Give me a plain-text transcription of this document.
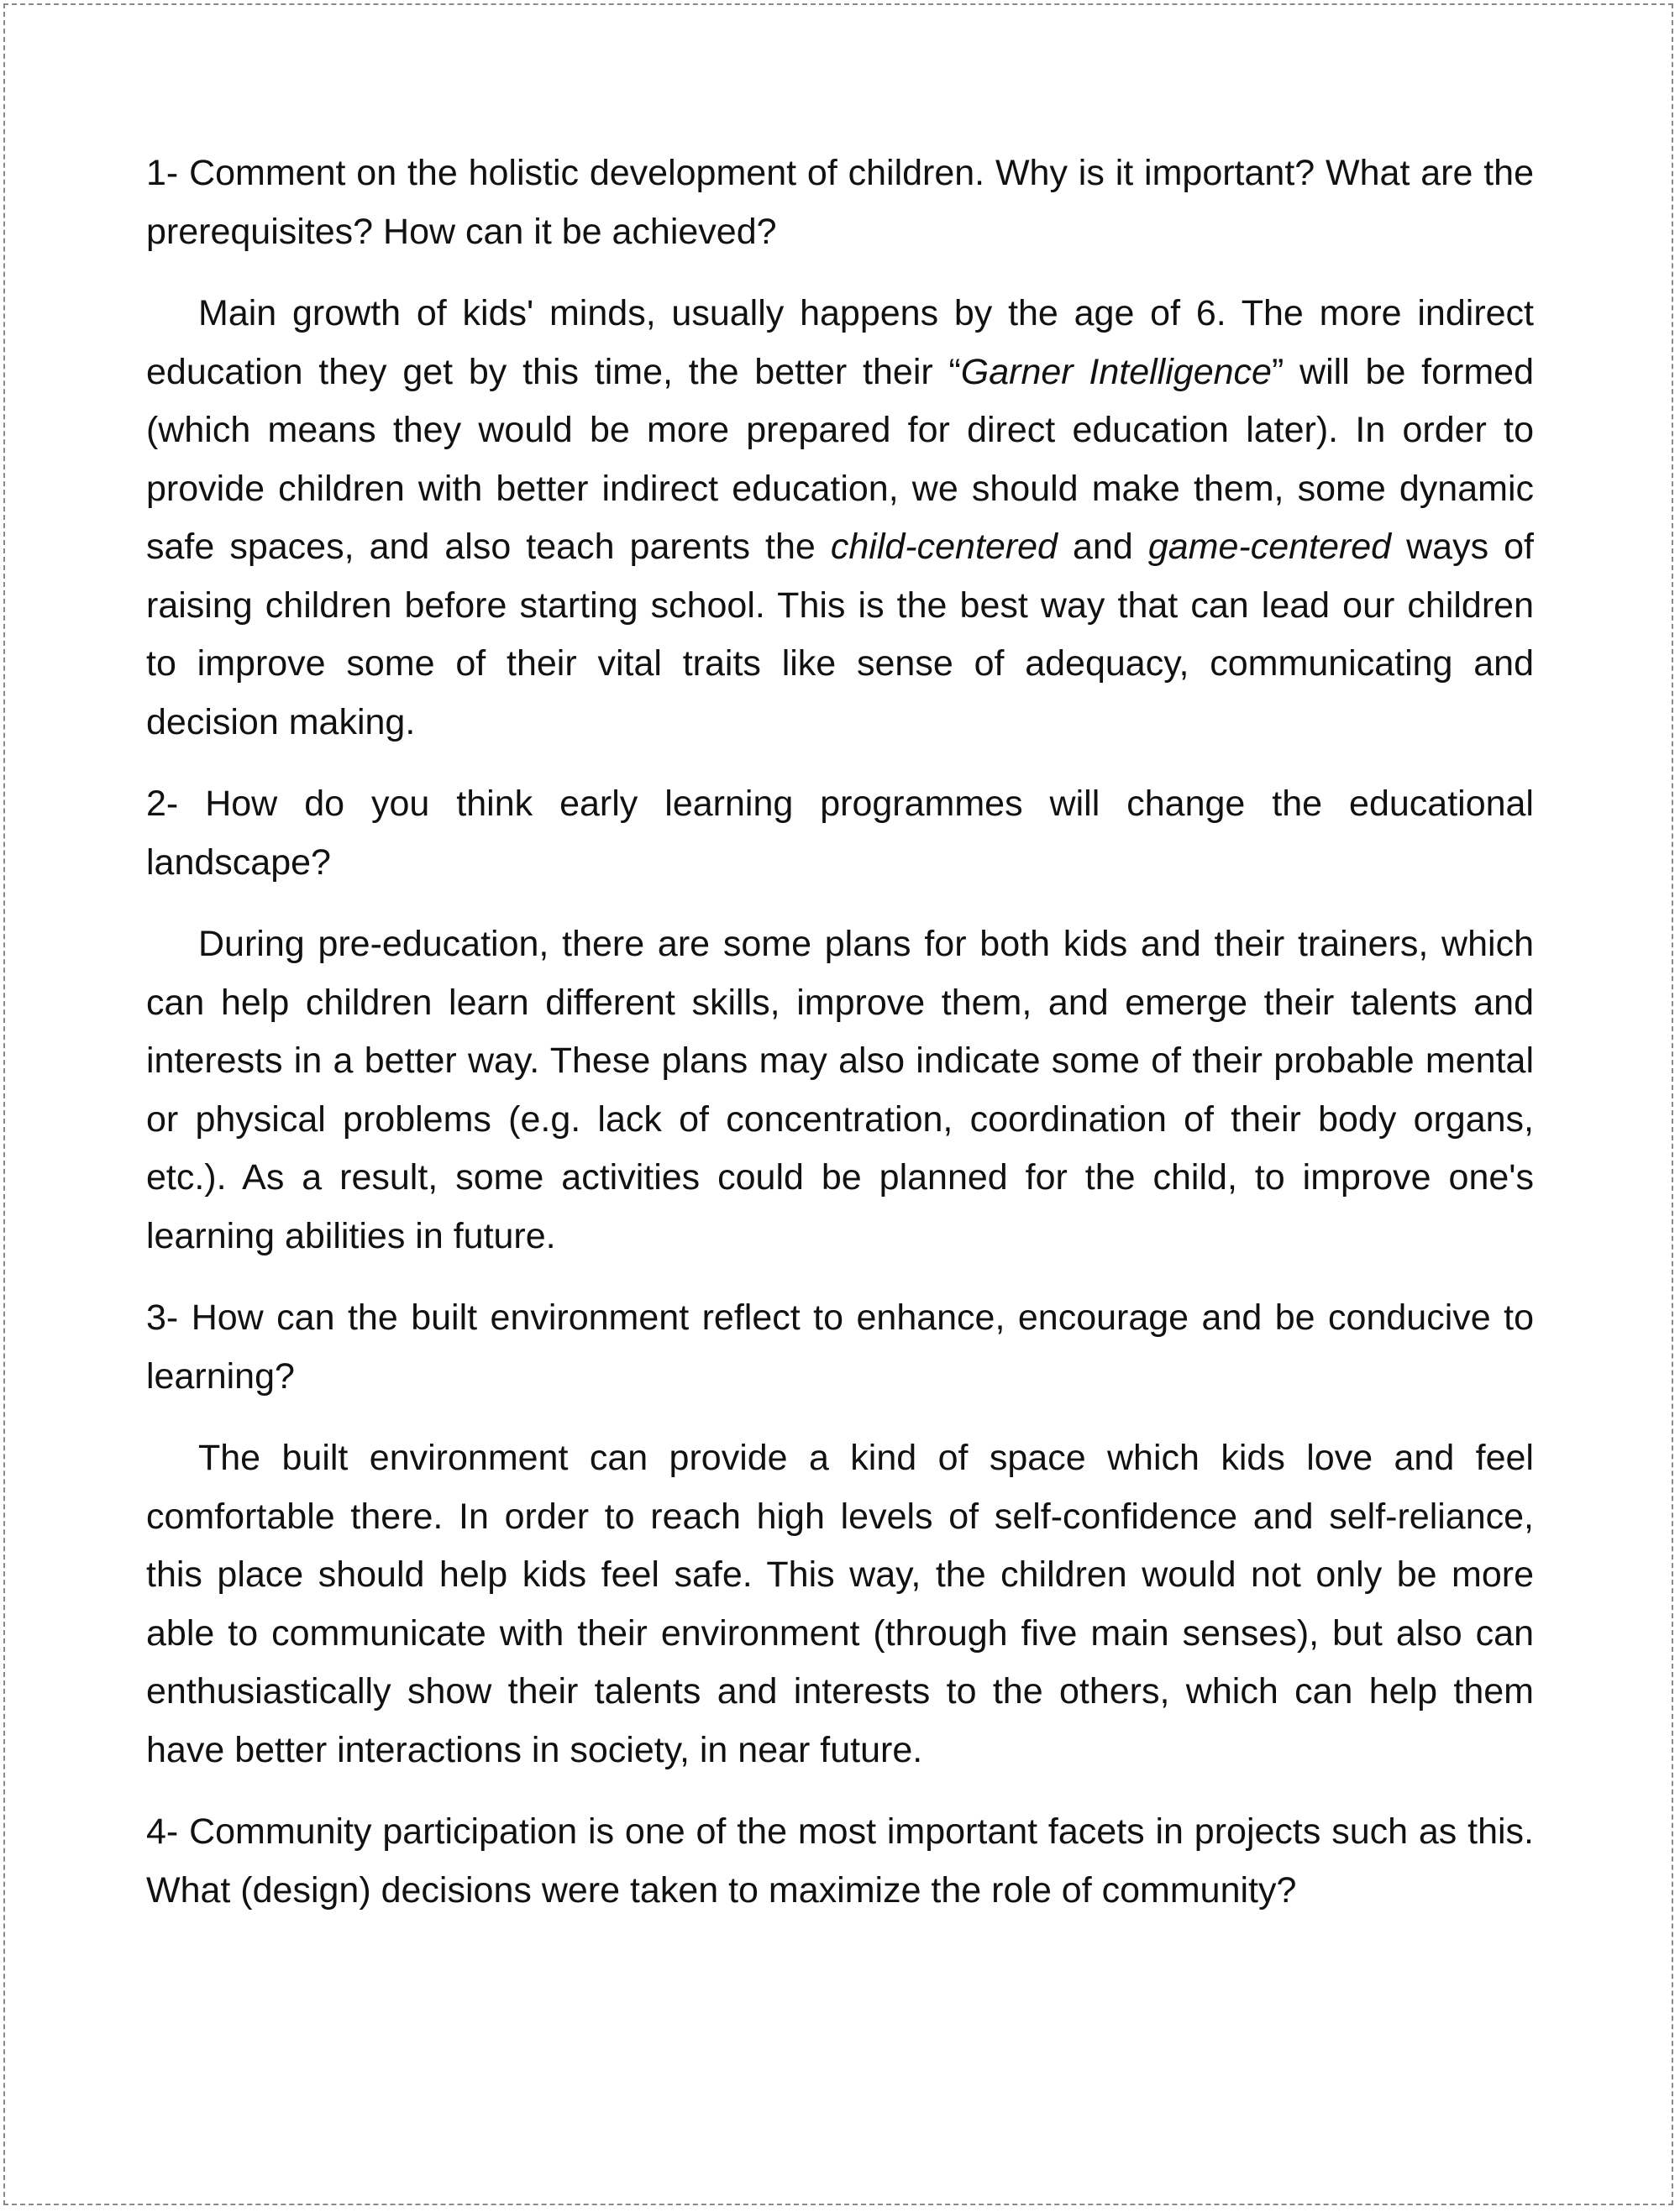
1- Comment on the holistic development of children. Why is it important? What are the prerequisites? How can it be achieved?

Main growth of kids' minds, usually happens by the age of 6. The more indirect education they get by this time, the better their “Garner Intelligence” will be formed (which means they would be more prepared for direct education later). In order to provide children with better indirect education, we should make them, some dynamic safe spaces, and also teach parents the child-centered and game-centered ways of raising children before starting school. This is the best way that can lead our children to improve some of their vital traits like sense of adequacy, communicating and decision making.

2- How do you think early learning programmes will change the educational landscape?

During pre-education, there are some plans for both kids and their trainers, which can help children learn different skills, improve them, and emerge their talents and interests in a better way. These plans may also indicate some of their probable mental or physical problems (e.g. lack of concentration, coordination of their body organs, etc.). As a result, some activities could be planned for the child, to improve one's learning abilities in future.

3- How can the built environment reflect to enhance, encourage and be conducive to learning?

The built environment can provide a kind of space which kids love and feel comfortable there. In order to reach high levels of self-confidence and self-reliance, this place should help kids feel safe. This way, the children would not only be more able to communicate with their environment (through five main senses), but also can enthusiastically show their talents and interests to the others, which can help them have better interactions in society, in near future.

4- Community participation is one of the most important facets in projects such as this. What (design) decisions were taken to maximize the role of community?
